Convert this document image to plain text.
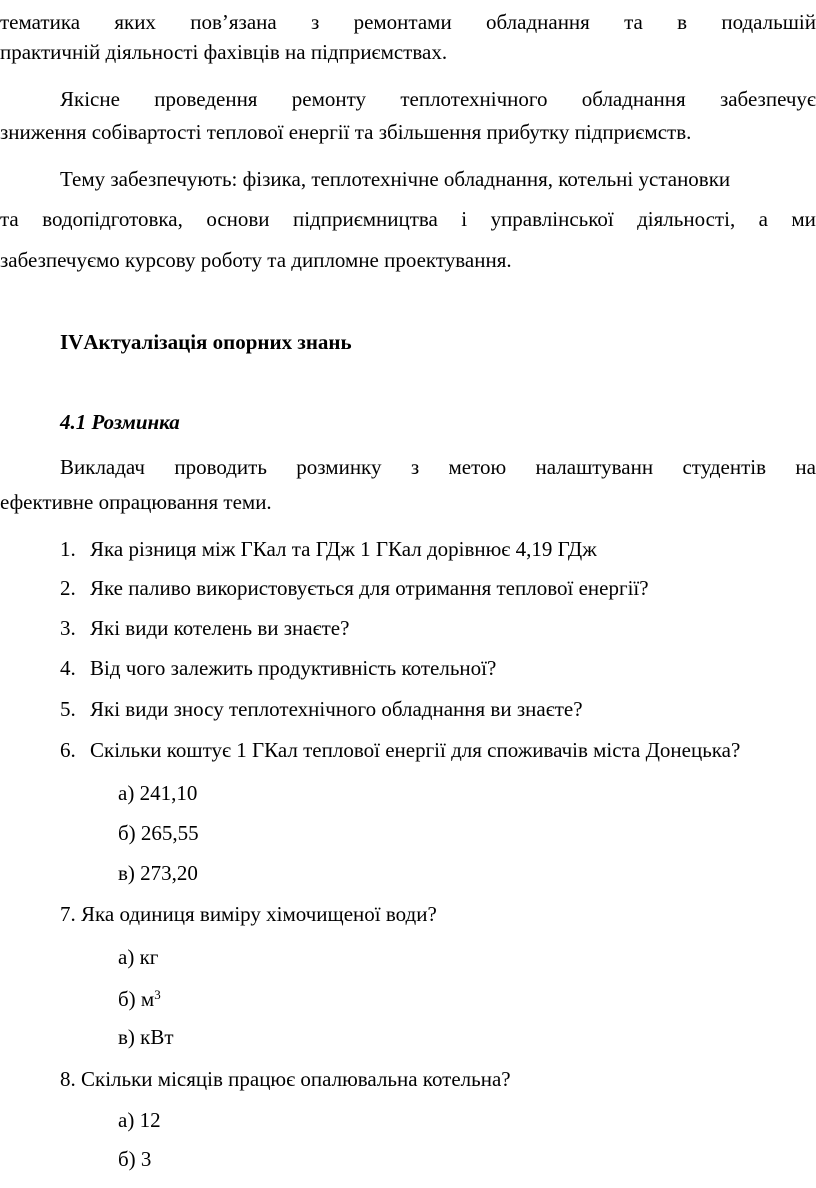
тематика яких пов’язана з ремонтами обладнання та в подальшій
практичній діяльності фахівців на підприємствах.
Якісне проведення ремонту теплотехнічного обладнання забезпечує
зниження собівартості теплової енергії та збільшення прибутку підприємств.
Тему забезпечують: фізика, теплотехнічне обладнання, котельні установки
та водопідготовка, основи підприємництва і управлінської діяльності, а ми
забезпечуємо курсову роботу та дипломне проектування.
IVАктуалізація опорних знань
4.1 Розминка
Викладач проводить розминку з метою налаштуванн студентів на
ефективне опрацювання теми.
1. Яка різниця між ГКал та ГДж 1 ГКал дорівнює 4,19 ГДж
2. Яке паливо використовується для отримання теплової енергії?
3. Які види котелень ви знаєте?
4. Від чого залежить продуктивність котельної?
5. Які види зносу теплотехнічного обладнання ви знаєте?
6. Скільки коштує 1 ГКал теплової енергії для споживачів міста Донецька?
а) 241,10
б) 265,55
в) 273,20
7. Яка одиниця виміру хімочищеної води?
а) кг
б) $м^3$
в) кВт
8. Скільки місяців працює опалювальна котельна?
а) 12
б) 3
